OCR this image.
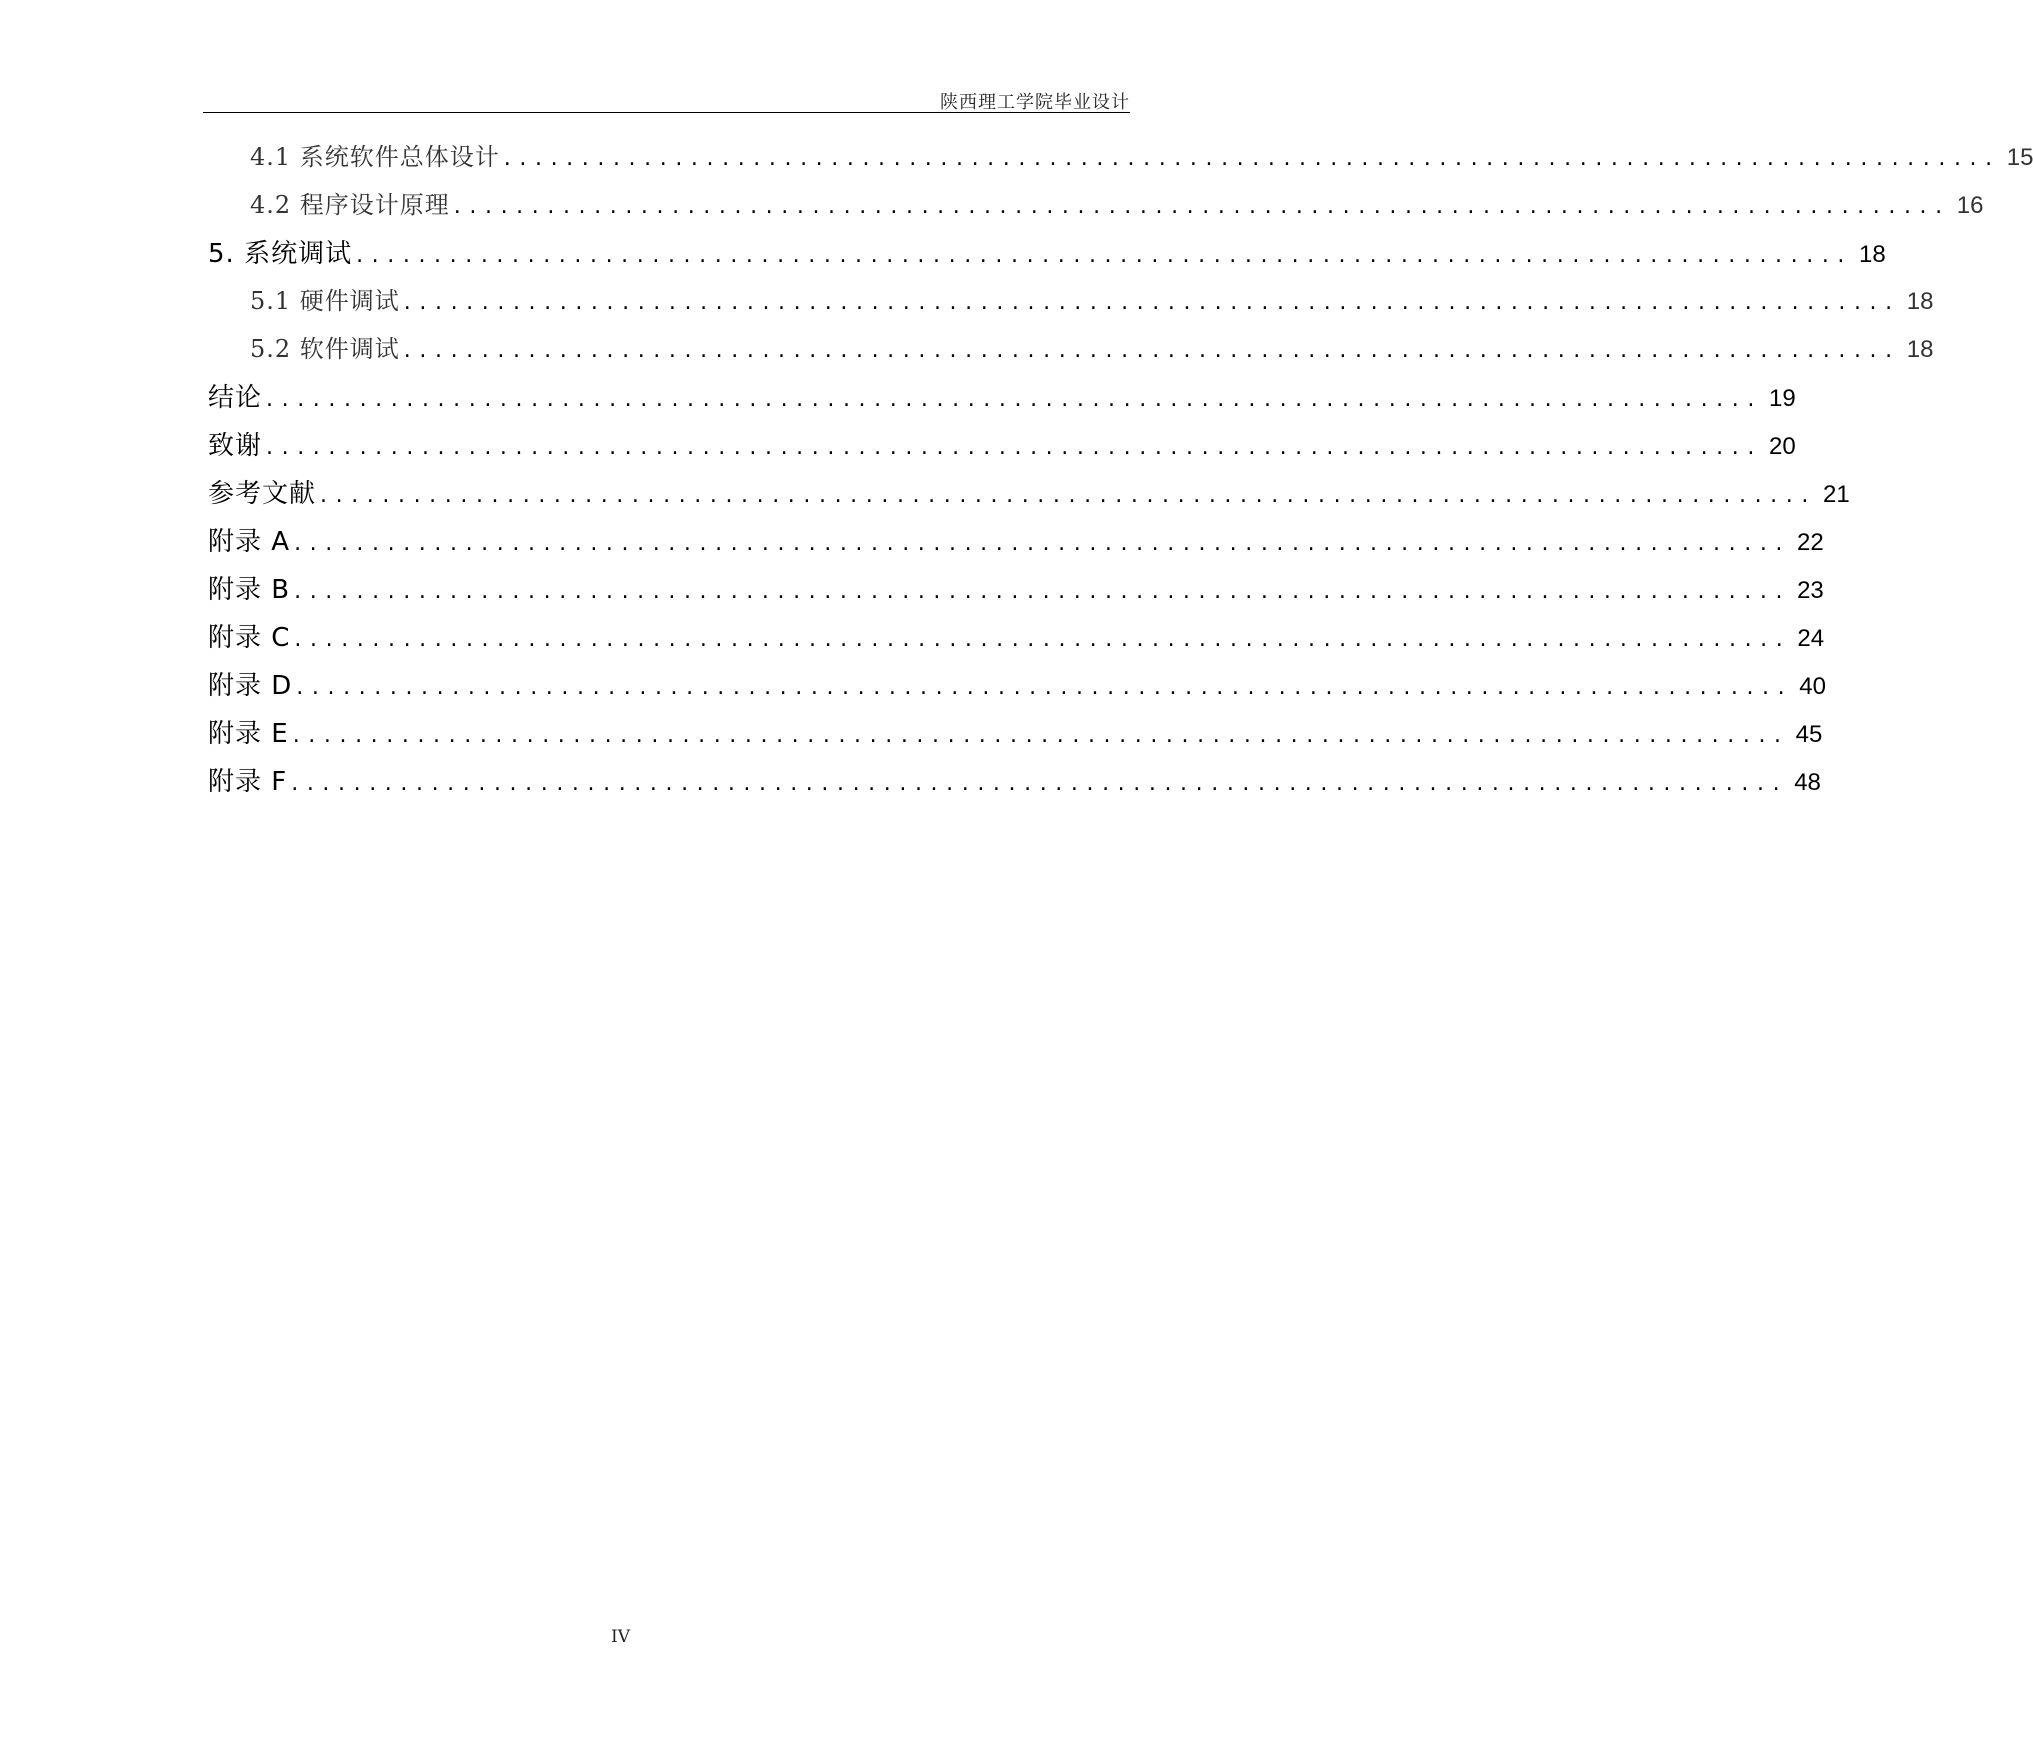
陕西理工学院毕业设计
4.1 系统软件总体设计 ................................................................................................ 15
4.2 程序设计原理 ................................................................................................ 16
5. 系统调试 ................................................................................................ 18
5.1 硬件调试 ................................................................................................ 18
5.2 软件调试 ................................................................................................ 18
结论 ................................................................................................ 19
致谢 ................................................................................................ 20
参考文献 ................................................................................................ 21
附录 A ................................................................................................ 22
附录 B ................................................................................................ 23
附录 C ................................................................................................ 24
附录 D ................................................................................................ 40
附录 E ................................................................................................ 45
附录 F ................................................................................................ 48
IV
